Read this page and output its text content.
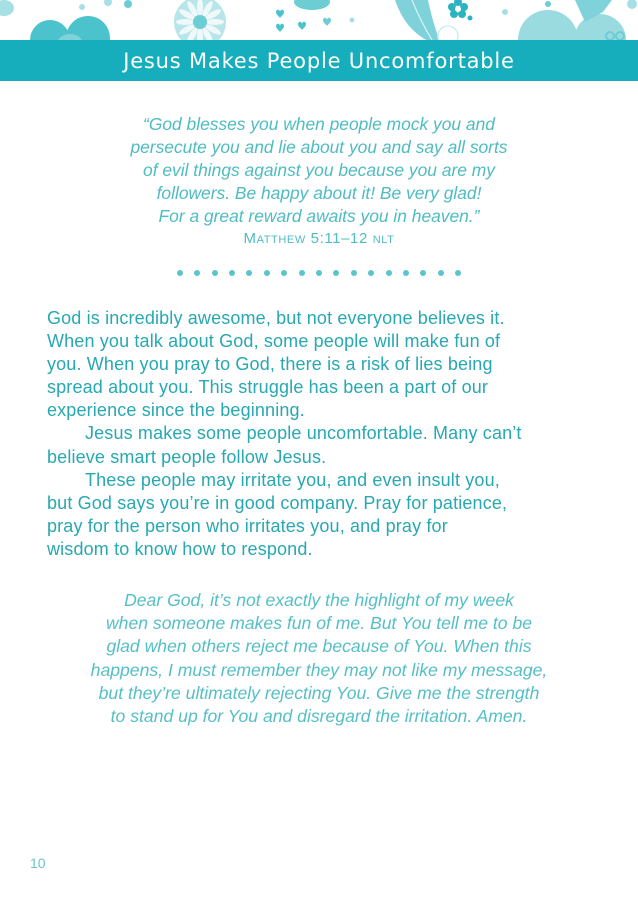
Jesus Makes People Uncomfortable
“God blesses you when people mock you and
persecute you and lie about you and say all sorts
of evil things against you because you are my
followers. Be happy about it! Be very glad!
For a great reward awaits you in heaven.”
MATTHEW 5:11–12 NLT
God is incredibly awesome, but not everyone believes it.
When you talk about God, some people will make fun of
you. When you pray to God, there is a risk of lies being
spread about you. This struggle has been a part of our
experience since the beginning.
Jesus makes some people uncomfortable. Many can’t
believe smart people follow Jesus.
These people may irritate you, and even insult you,
but God says you’re in good company. Pray for patience,
pray for the person who irritates you, and pray for
wisdom to know how to respond.
Dear God, it’s not exactly the highlight of my week
when someone makes fun of me. But You tell me to be
glad when others reject me because of You. When this
happens, I must remember they may not like my message,
but they’re ultimately rejecting You. Give me the strength
to stand up for You and disregard the irritation. Amen.
10
